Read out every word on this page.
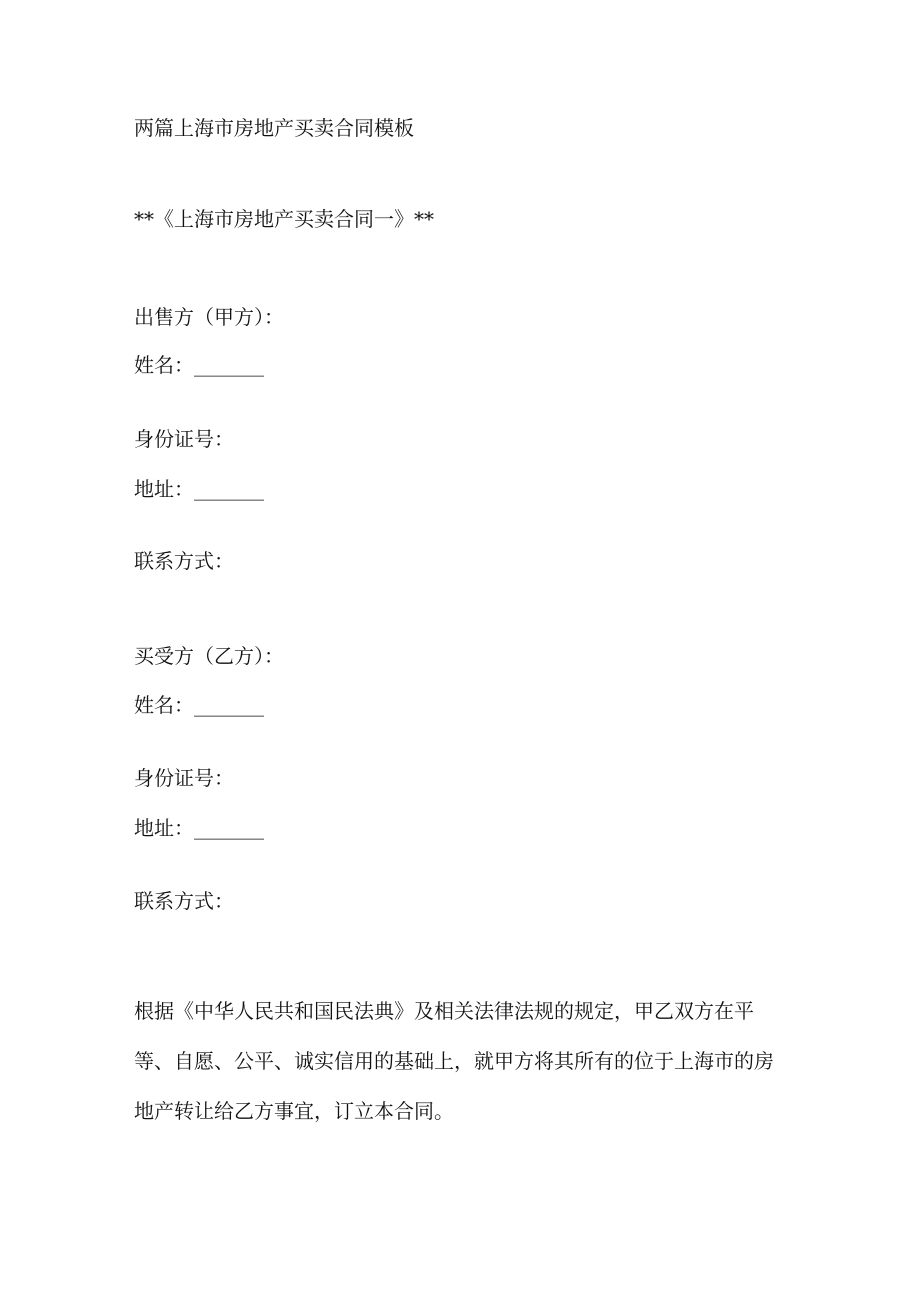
两篇上海市房地产买卖合同模板

**《上海市房地产买卖合同一》**

出售方（甲方）：

姓名：_______

身份证号：

地址：_______

联系方式：

买受方（乙方）：

姓名：_______

身份证号：

地址：_______

联系方式：

根据《中华人民共和国民法典》及相关法律法规的规定，甲乙双方在平
等、自愿、公平、诚实信用的基础上，就甲方将其所有的位于上海市的房
地产转让给乙方事宜，订立本合同。
